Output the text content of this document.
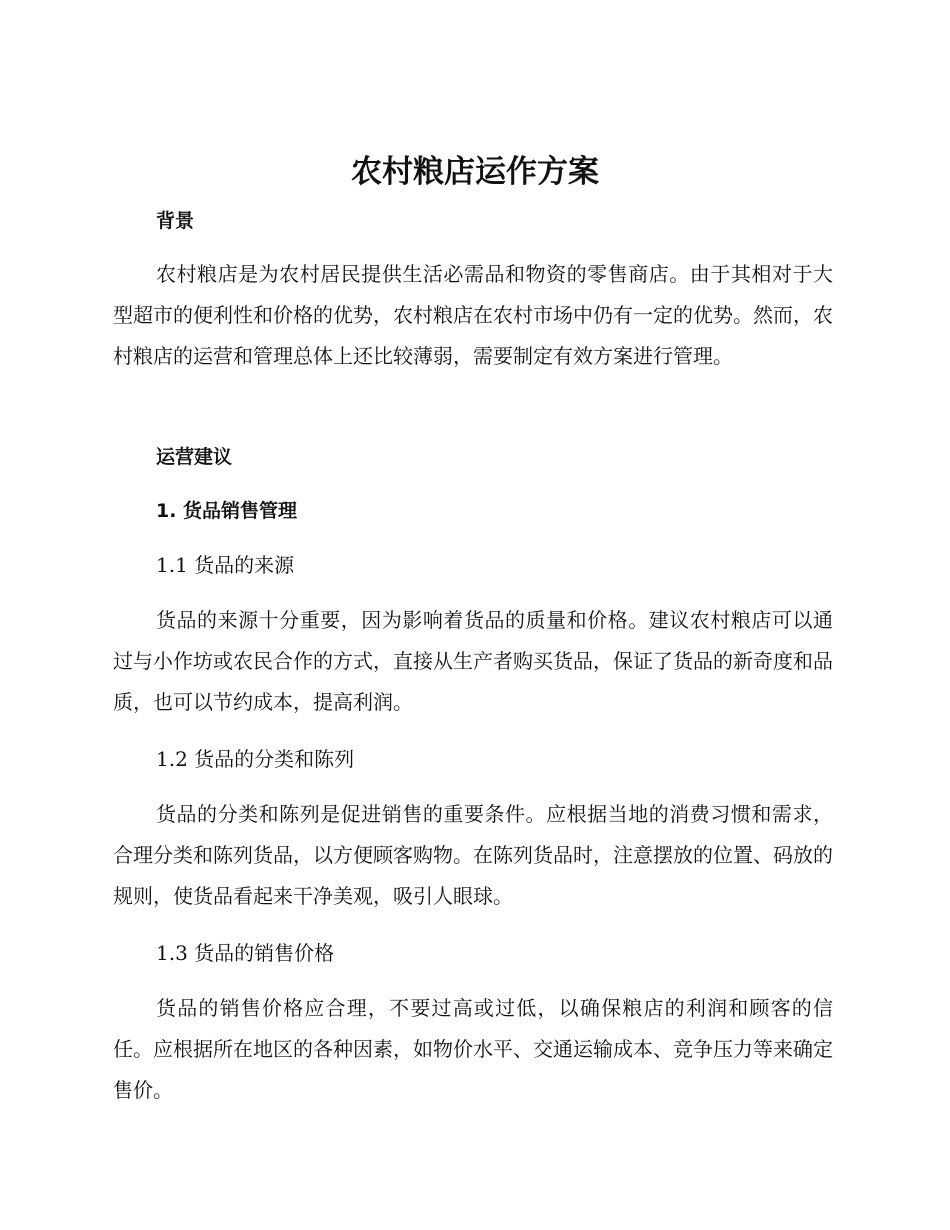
农村粮店运作方案
背景

农村粮店是为农村居民提供生活必需品和物资的零售商店。由于其相对于大型超市的便利性和价格的优势，农村粮店在农村市场中仍有一定的优势。然而，农村粮店的运营和管理总体上还比较薄弱，需要制定有效方案进行管理。

运营建议
1. 货品销售管理
1.1 货品的来源

货品的来源十分重要，因为影响着货品的质量和价格。建议农村粮店可以通过与小作坊或农民合作的方式，直接从生产者购买货品，保证了货品的新奇度和品质，也可以节约成本，提高利润。

1.2 货品的分类和陈列

货品的分类和陈列是促进销售的重要条件。应根据当地的消费习惯和需求，合理分类和陈列货品，以方便顾客购物。在陈列货品时，注意摆放的位置、码放的规则，使货品看起来干净美观，吸引人眼球。

1.3 货品的销售价格

货品的销售价格应合理，不要过高或过低，以确保粮店的利润和顾客的信任。应根据所在地区的各种因素，如物价水平、交通运输成本、竞争压力等来确定售价。
